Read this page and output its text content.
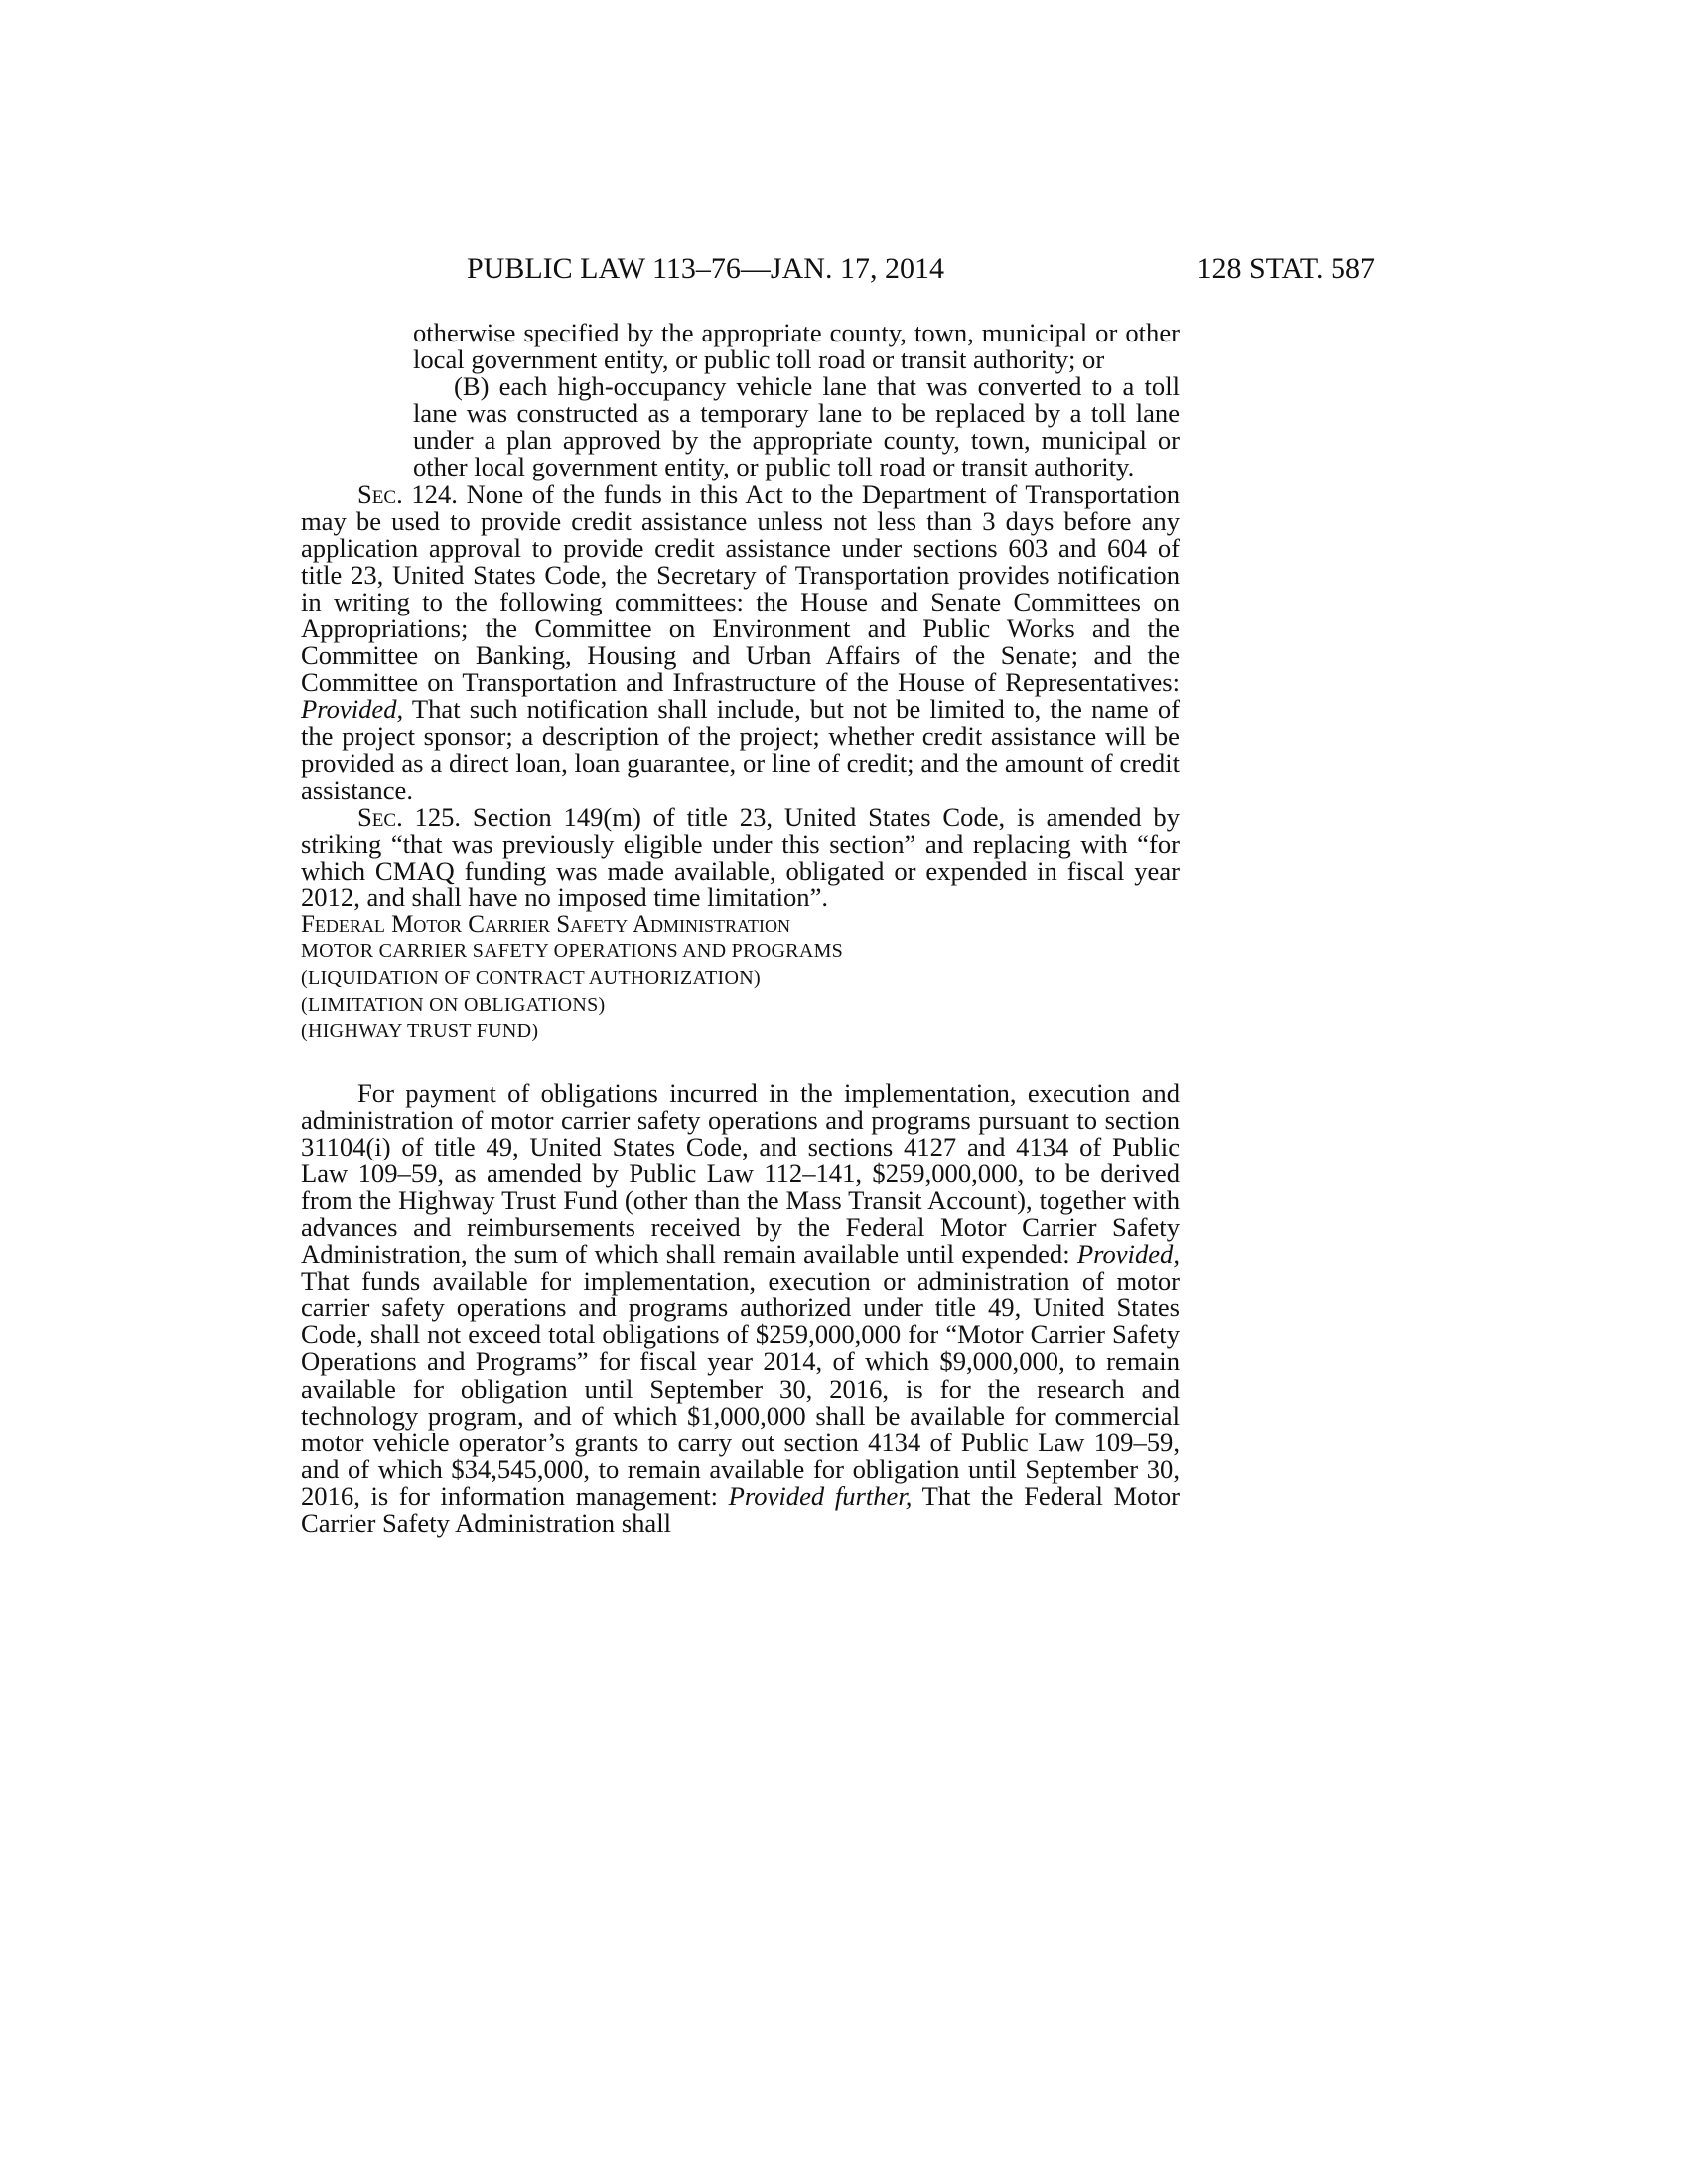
PUBLIC LAW 113–76—JAN. 17, 2014	128 STAT. 587

otherwise specified by the appropriate county, town, municipal or other local government entity, or public toll road or transit authority; or

(B) each high-occupancy vehicle lane that was converted to a toll lane was constructed as a temporary lane to be replaced by a toll lane under a plan approved by the appropriate county, town, municipal or other local government entity, or public toll road or transit authority.

Sec. 124. None of the funds in this Act to the Department of Transportation may be used to provide credit assistance unless not less than 3 days before any application approval to provide credit assistance under sections 603 and 604 of title 23, United States Code, the Secretary of Transportation provides notification in writing to the following committees: the House and Senate Committees on Appropriations; the Committee on Environment and Public Works and the Committee on Banking, Housing and Urban Affairs of the Senate; and the Committee on Transportation and Infrastructure of the House of Representatives: Provided, That such notification shall include, but not be limited to, the name of the project sponsor; a description of the project; whether credit assistance will be provided as a direct loan, loan guarantee, or line of credit; and the amount of credit assistance.

Sec. 125. Section 149(m) of title 23, United States Code, is amended by striking “that was previously eligible under this section” and replacing with “for which CMAQ funding was made available, obligated or expended in fiscal year 2012, and shall have no imposed time limitation”.

Federal Motor Carrier Safety Administration

MOTOR CARRIER SAFETY OPERATIONS AND PROGRAMS

(LIQUIDATION OF CONTRACT AUTHORIZATION)

(LIMITATION ON OBLIGATIONS)

(HIGHWAY TRUST FUND)

For payment of obligations incurred in the implementation, execution and administration of motor carrier safety operations and programs pursuant to section 31104(i) of title 49, United States Code, and sections 4127 and 4134 of Public Law 109–59, as amended by Public Law 112–141, $259,000,000, to be derived from the Highway Trust Fund (other than the Mass Transit Account), together with advances and reimbursements received by the Federal Motor Carrier Safety Administration, the sum of which shall remain available until expended: Provided, That funds available for implementation, execution or administration of motor carrier safety operations and programs authorized under title 49, United States Code, shall not exceed total obligations of $259,000,000 for “Motor Carrier Safety Operations and Programs” for fiscal year 2014, of which $9,000,000, to remain available for obligation until September 30, 2016, is for the research and technology program, and of which $1,000,000 shall be available for commercial motor vehicle operator’s grants to carry out section 4134 of Public Law 109–59, and of which $34,545,000, to remain available for obligation until September 30, 2016, is for information management: Provided further, That the Federal Motor Carrier Safety Administration shall
